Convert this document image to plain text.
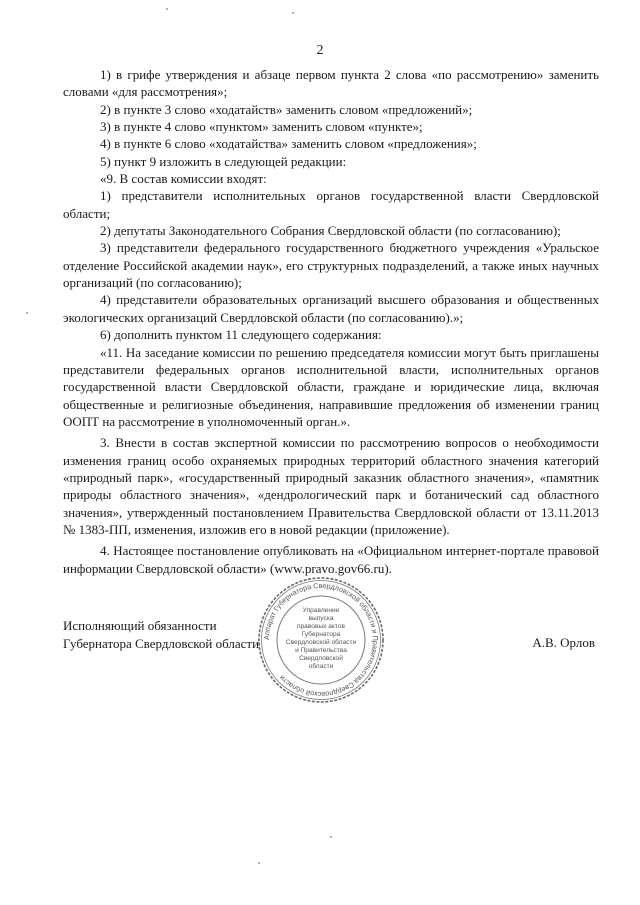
2

1) в грифе утверждения и абзаце первом пункта 2 слова «по рассмотрению» заменить словами «для рассмотрения»;

2) в пункте 3 слово «ходатайств» заменить словом «предложений»;

3) в пункте 4 слово «пунктом» заменить словом «пункте»;

4) в пункте 6 слово «ходатайства» заменить словом «предложения»;

5) пункт 9 изложить в следующей редакции:

«9. В состав комиссии входят:

1) представители исполнительных органов государственной власти Свердловской области;

2) депутаты Законодательного Собрания Свердловской области (по согласованию);

3) представители федерального государственного бюджетного учреждения «Уральское отделение Российской академии наук», его структурных подразделений, а также иных научных организаций (по согласованию);

4) представители образовательных организаций высшего образования и общественных экологических организаций Свердловской области (по согласованию).»;

6) дополнить пунктом 11 следующего содержания:

«11. На заседание комиссии по решению председателя комиссии могут быть приглашены представители федеральных органов исполнительной власти, исполнительных органов государственной власти Свердловской области, граждане и юридические лица, включая общественные и религиозные объединения, направившие предложения об изменении границ ООПТ на рассмотрение в уполномоченный орган.».

3. Внести в состав экспертной комиссии по рассмотрению вопросов о необходимости изменения границ особо охраняемых природных территорий областного значения категорий «природный парк», «государственный природный заказник областного значения», «памятник природы областного значения», «дендрологический парк и ботанический сад областного значения», утвержденный постановлением Правительства Свердловской области от 13.11.2013 № 1383-ПП, изменения, изложив его в новой редакции (приложение).

4. Настоящее постановление опубликовать на «Официальном интернет-портале правовой информации Свердловской области» (www.pravo.gov66.ru).

Исполняющий обязанности
Губернатора Свердловской области	А.В. Орлов
Аппарат Губернатора Свердловской области и Правительства Свердловской области
Управление
выпуска
правовых актов
Губернатора
Свердловской области
и Правительства
Свердловской
области
